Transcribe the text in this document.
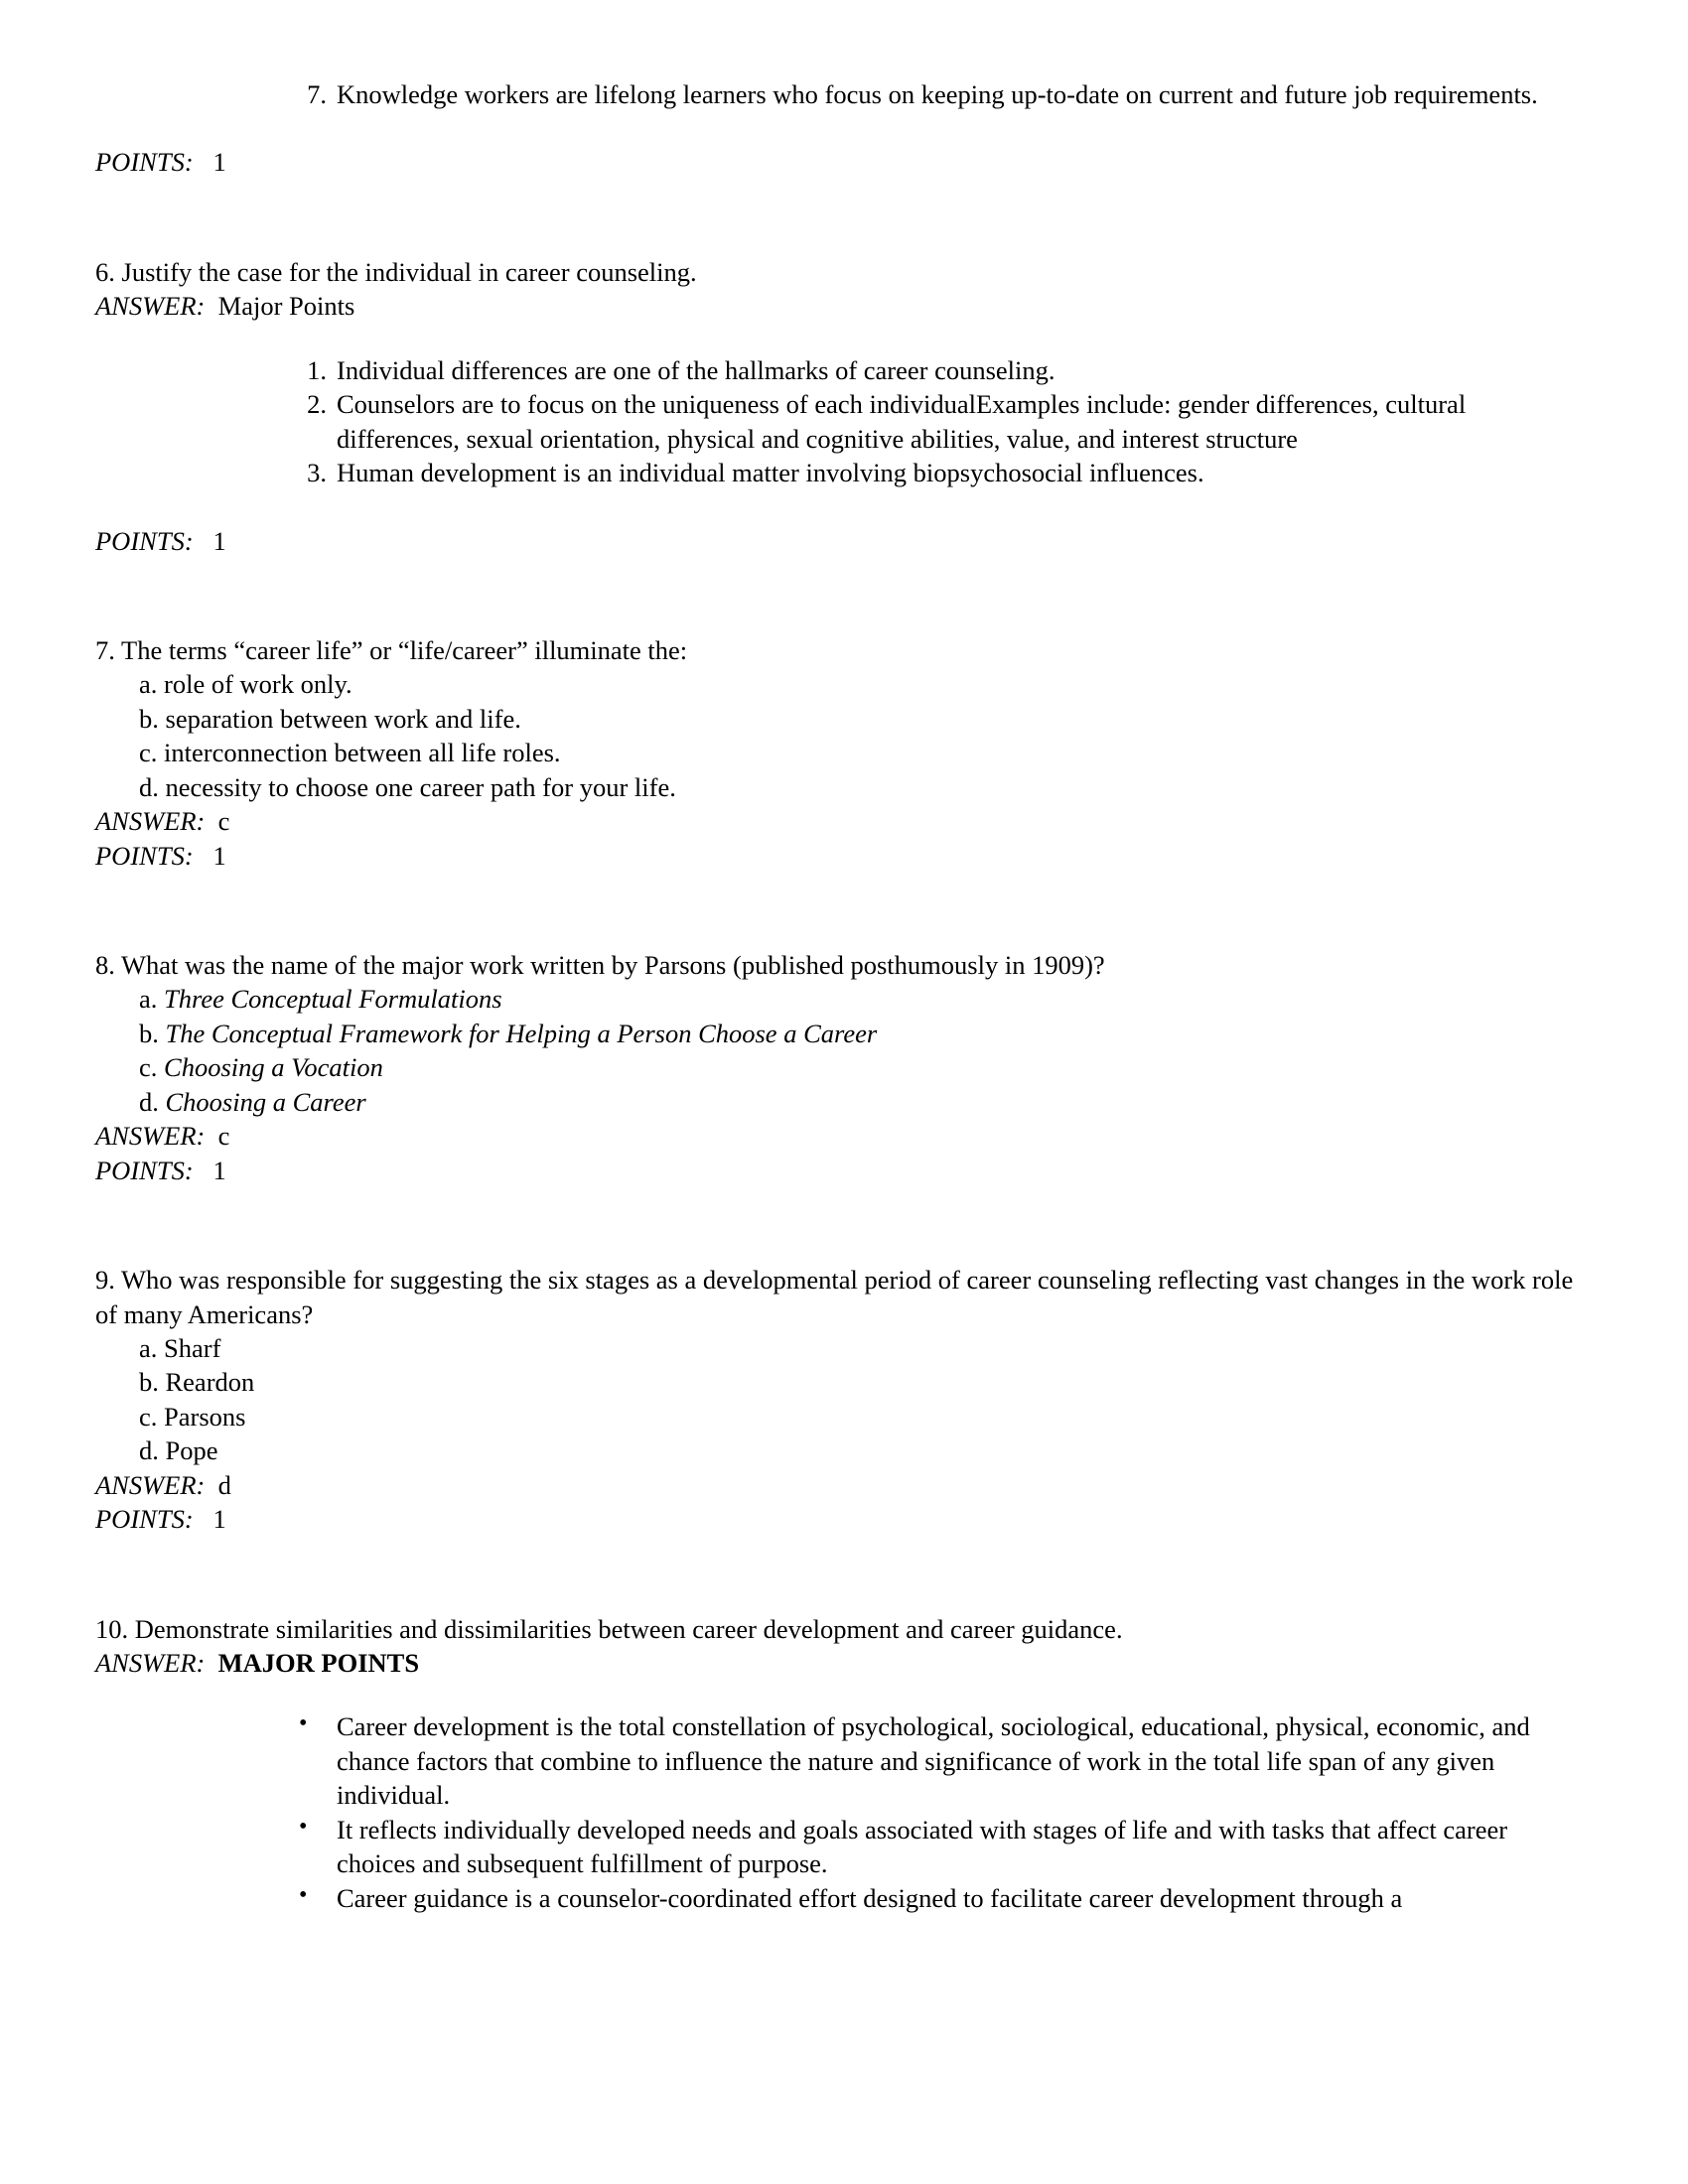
7. Knowledge workers are lifelong learners who focus on keeping up-to-date on current and future job requirements.

POINTS: 1

6. Justify the case for the individual in career counseling.

ANSWER: Major Points

1. Individual differences are one of the hallmarks of career counseling.
2. Counselors are to focus on the uniqueness of each individualExamples include: gender differences, cultural differences, sexual orientation, physical and cognitive abilities, value, and interest structure
3. Human development is an individual matter involving biopsychosocial influences.

POINTS: 1

7. The terms “career life” or “life/career” illuminate the:

a. role of work only.

b. separation between work and life.

c. interconnection between all life roles.

d. necessity to choose one career path for your life.

ANSWER: c

POINTS: 1

8. What was the name of the major work written by Parsons (published posthumously in 1909)?

a. Three Conceptual Formulations

b. The Conceptual Framework for Helping a Person Choose a Career

c. Choosing a Vocation

d. Choosing a Career

ANSWER: c

POINTS: 1

9. Who was responsible for suggesting the six stages as a developmental period of career counseling reflecting vast changes in the work role of many Americans?

a. Sharf

b. Reardon

c. Parsons

d. Pope

ANSWER: d

POINTS: 1

10. Demonstrate similarities and dissimilarities between career development and career guidance.

ANSWER: MAJOR POINTS

• Career development is the total constellation of psychological, sociological, educational, physical, economic, and chance factors that combine to influence the nature and significance of work in the total life span of any given individual.
• It reflects individually developed needs and goals associated with stages of life and with tasks that affect career choices and subsequent fulfillment of purpose.
• Career guidance is a counselor-coordinated effort designed to facilitate career development through a
